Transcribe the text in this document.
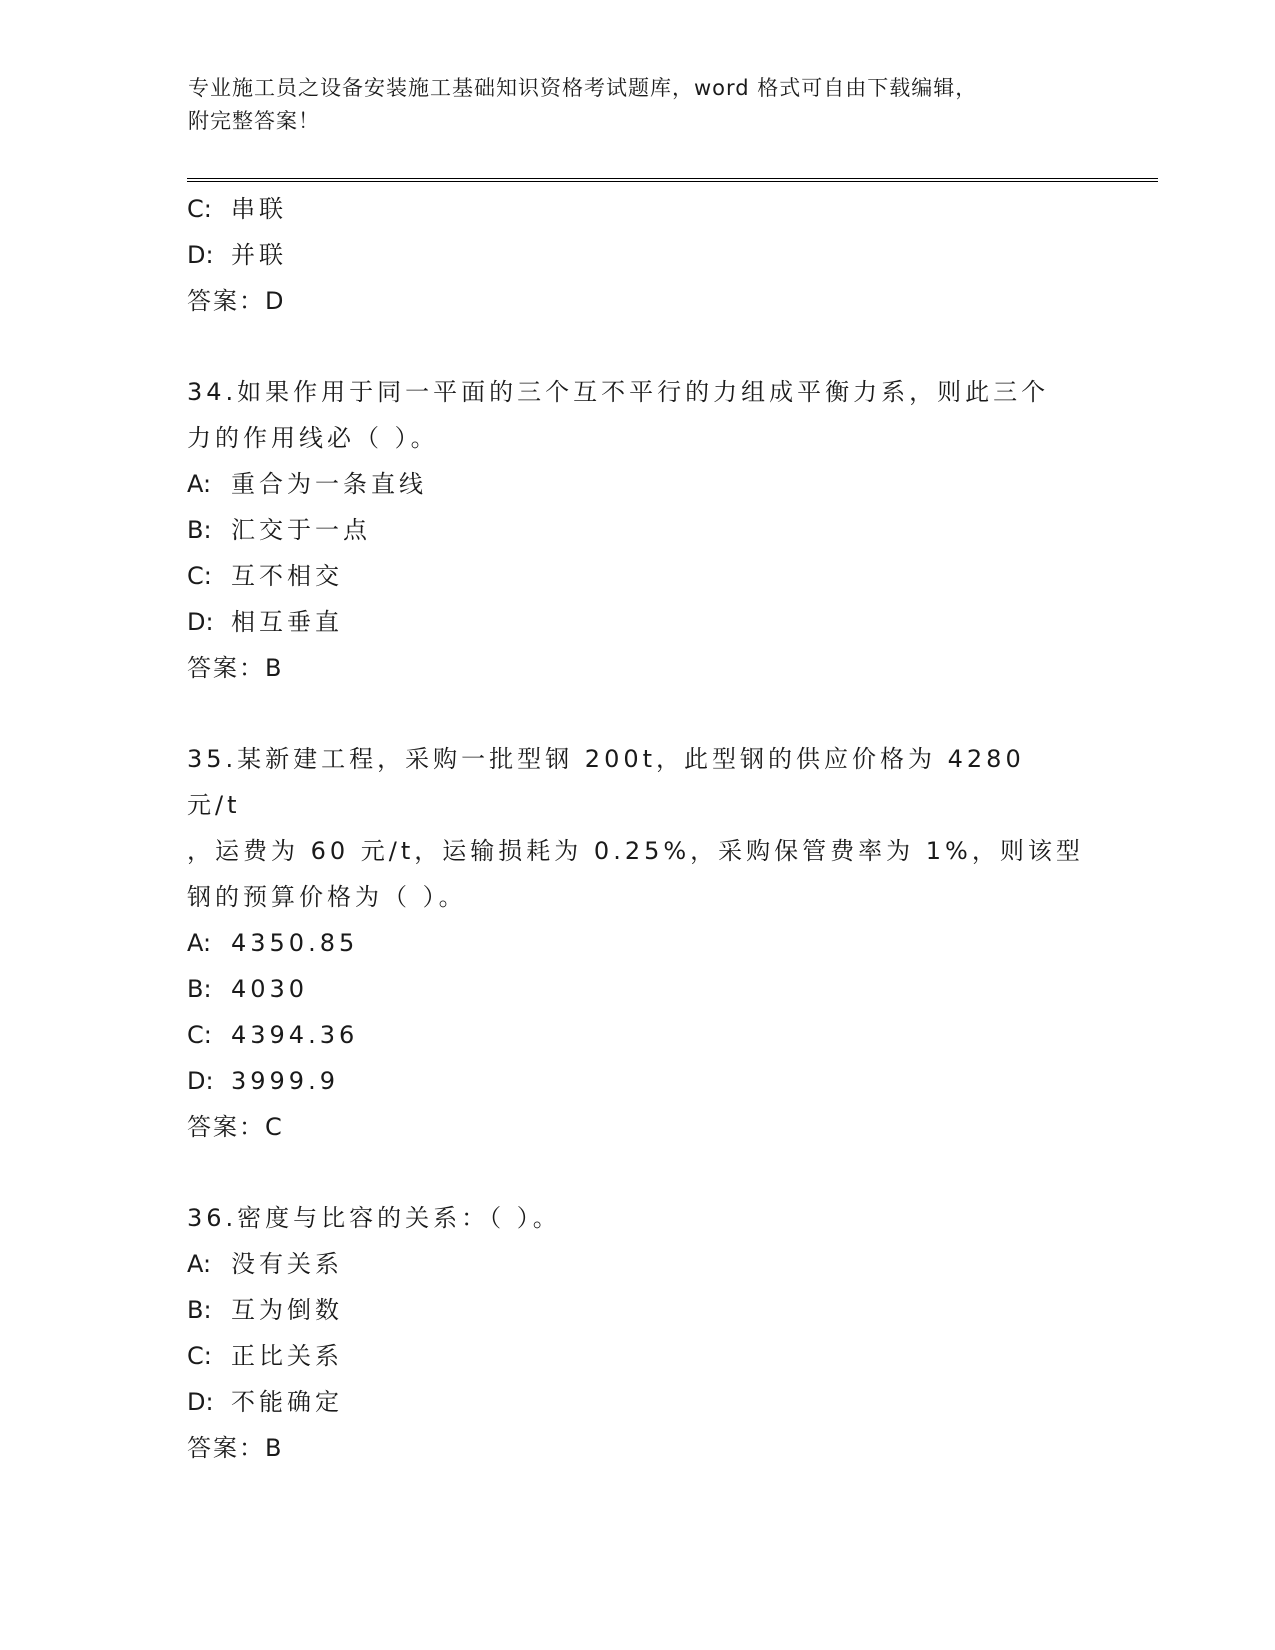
专业施工员之设备安装施工基础知识资格考试题库，word 格式可自由下载编辑，
附完整答案！
C: 串联
D: 并联
答案：D
34.如果作用于同一平面的三个互不平行的力组成平衡力系，则此三个
力的作用线必（ ）。
A: 重合为一条直线
B: 汇交于一点
C: 互不相交
D: 相互垂直
答案：B
35.某新建工程，采购一批型钢 200t，此型钢的供应价格为 4280 元/t
，运费为 60 元/t，运输损耗为 0.25%，采购保管费率为 1%，则该型
钢的预算价格为（ ）。
A: 4350.85
B: 4030
C: 4394.36
D: 3999.9
答案：C
36.密度与比容的关系：（ ）。
A: 没有关系
B: 互为倒数
C: 正比关系
D: 不能确定
答案：B
